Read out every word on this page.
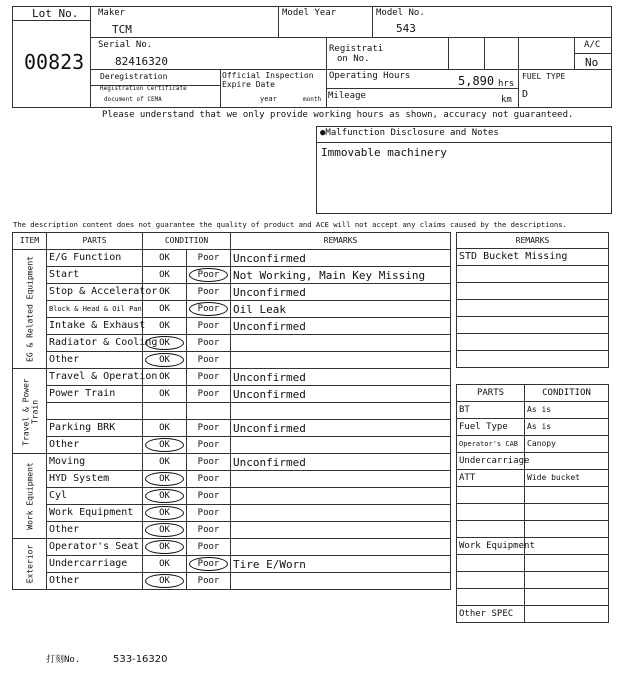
Lot No.
00823
Maker
TCM
Model Year	Model No.
543
Serial No.
82416320
Registrati
on No.
A/C
No
Deregistration
Registration Certificate
document of CEMA
Official Inspection
Expire Date
year	month
Operating Hours	5,890 hrs
Mileage	km
FUEL TYPE
D
Please understand that we only provide working hours as shown, accuracy not guaranteed.
●Malfunction Disclosure and Notes
Immovable machinery
The description content does not guarantee the quality of product and ACE will not accept any claims caused by the descriptions.
ITEM	PARTS	CONDITION		REMARKS

EG & Related Equipment	E/G Function	OK	Poor	Unconfirmed
	Start	OK	Poor	Not Working, Main Key Missing
	Stop & Accelerator	OK	Poor	Unconfirmed
	Block & Head & Oil Pan	OK	Poor	Oil Leak
	Intake & Exhaust	OK	Poor	Unconfirmed
	Radiator & Cooling	OK	Poor	
	Other	OK	Poor	

Travel & Power Train	Travel & Operation	OK	Poor	Unconfirmed
	Power Train	OK	Poor	Unconfirmed

	Parking BRK	OK	Poor	Unconfirmed
	Other	OK	Poor	

Work Equipment	Moving	OK	Poor	Unconfirmed
	HYD System	OK	Poor	
	Cyl	OK	Poor	
	Work Equipment	OK	Poor	
	Other	OK	Poor	

Exterior	Operator's Seat	OK	Poor	
	Undercarriage	OK	Poor	Tire E/Worn
	Other	OK	Poor	
REMARKS
STD Bucket Missing

PARTS	CONDITION
BT	As is
Fuel Type	As is
Operator's CAB	Canopy
Undercarriage	
ATT	Wide bucket

Work Equipment	

Other SPEC	
打刻No.	533-16320
